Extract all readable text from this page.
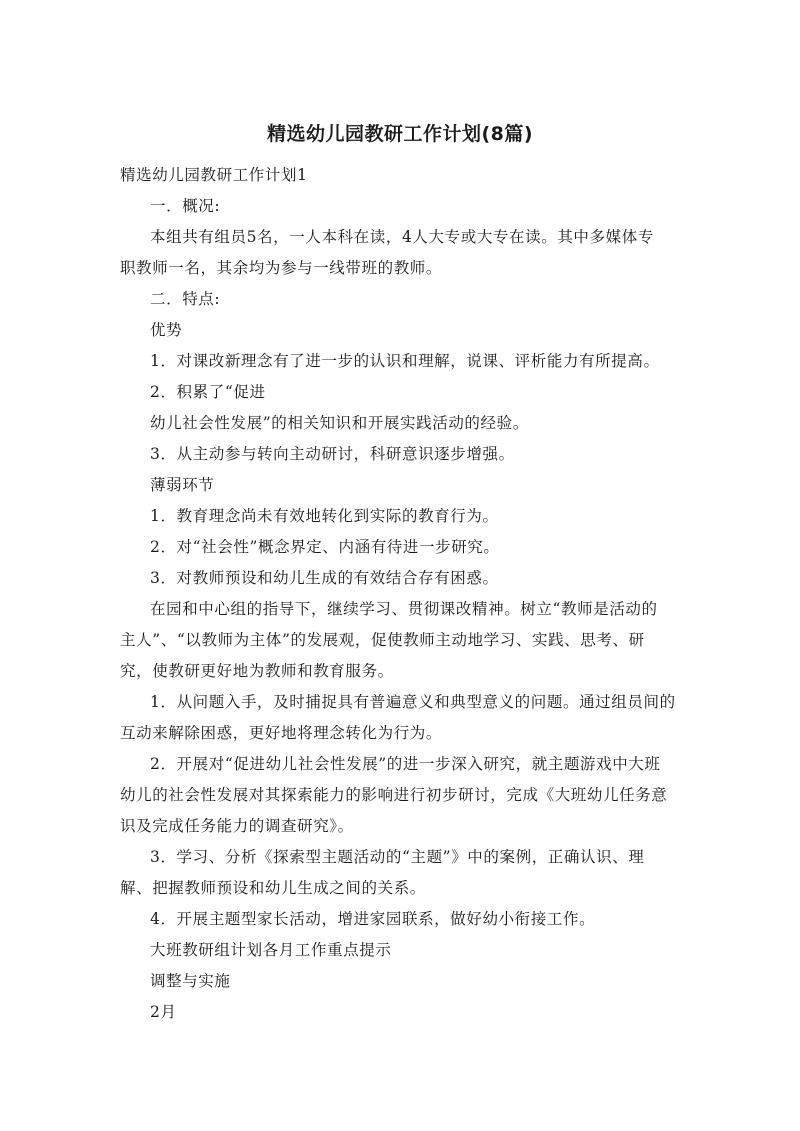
精选幼儿园教研工作计划(8篇)

精选幼儿园教研工作计划1

一．概况:

本组共有组员5名，一人本科在读，4人大专或大专在读。其中多媒体专

职教师一名，其余均为参与一线带班的教师。

二．特点:

优势

1．对课改新理念有了进一步的认识和理解，说课、评析能力有所提高。

2．积累了“促进

幼儿社会性发展”的相关知识和开展实践活动的经验。

3．从主动参与转向主动研讨，科研意识逐步增强。

薄弱环节

1．教育理念尚未有效地转化到实际的教育行为。

2．对“社会性”概念界定、内涵有待进一步研究。

3．对教师预设和幼儿生成的有效结合存有困惑。

在园和中心组的指导下，继续学习、贯彻课改精神。树立“教师是活动的

主人”、“以教师为主体”的发展观，促使教师主动地学习、实践、思考、研

究，使教研更好地为教师和教育服务。

1．从问题入手，及时捕捉具有普遍意义和典型意义的问题。通过组员间的

互动来解除困惑，更好地将理念转化为行为。

2．开展对“促进幼儿社会性发展”的进一步深入研究，就主题游戏中大班

幼儿的社会性发展对其探索能力的影响进行初步研讨，完成《大班幼儿任务意

识及完成任务能力的调查研究》。

3．学习、分析《探索型主题活动的“主题”》中的案例，正确认识、理

解、把握教师预设和幼儿生成之间的关系。

4．开展主题型家长活动，增进家园联系，做好幼小衔接工作。

大班教研组计划各月工作重点提示

调整与实施

2月
